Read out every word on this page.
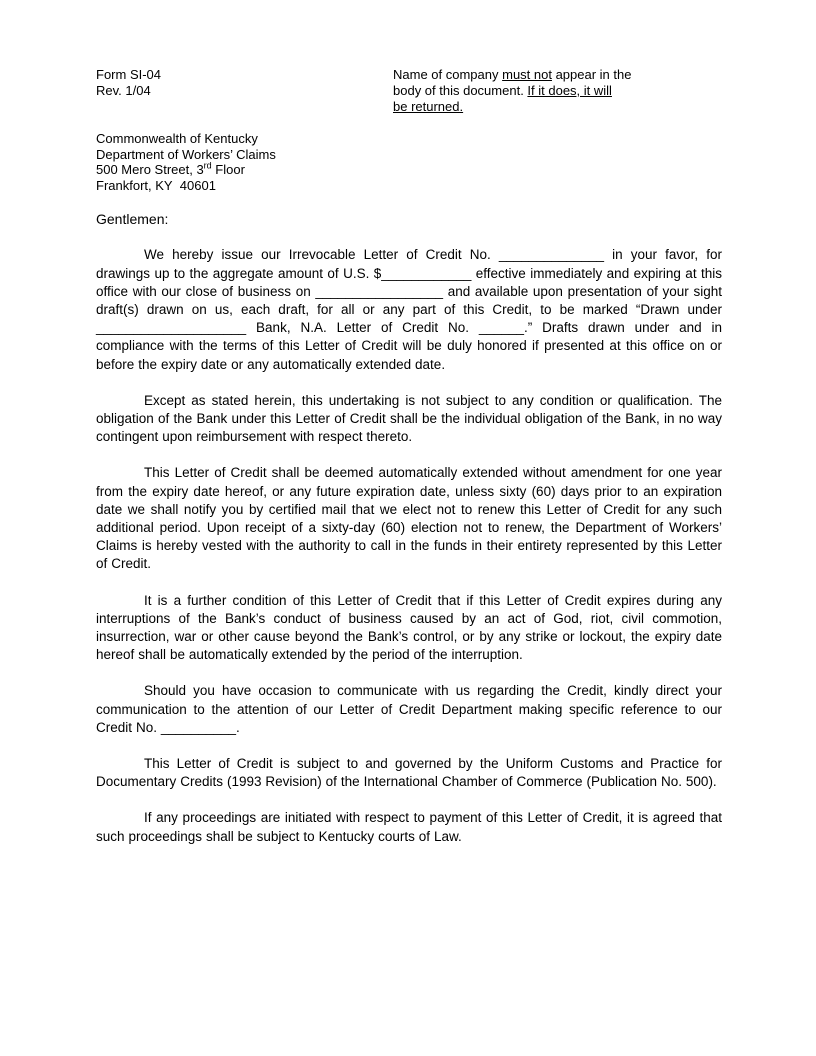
Form SI-04
Rev. 1/04
Name of company must not appear in the
body of this document. If it does, it will
be returned.
Commonwealth of Kentucky
Department of Workers’ Claims
500 Mero Street, 3rd Floor
Frankfort, KY  40601
Gentlemen:

We hereby issue our Irrevocable Letter of Credit No. ______________ in your favor, for drawings up to the aggregate amount of U.S. $____________ effective immediately and expiring at this office with our close of business on _________________ and available upon presentation of your sight draft(s) drawn on us, each draft, for all or any part of this Credit, to be marked “Drawn under ____________________ Bank, N.A. Letter of Credit No. ______.” Drafts drawn under and in compliance with the terms of this Letter of Credit will be duly honored if presented at this office on or before the expiry date or any automatically extended date.

Except as stated herein, this undertaking is not subject to any condition or qualification. The obligation of the Bank under this Letter of Credit shall be the individual obligation of the Bank, in no way contingent upon reimbursement with respect thereto.

This Letter of Credit shall be deemed automatically extended without amendment for one year from the expiry date hereof, or any future expiration date, unless sixty (60) days prior to an expiration date we shall notify you by certified mail that we elect not to renew this Letter of Credit for any such additional period. Upon receipt of a sixty-day (60) election not to renew, the Department of Workers’ Claims is hereby vested with the authority to call in the funds in their entirety represented by this Letter of Credit.

It is a further condition of this Letter of Credit that if this Letter of Credit expires during any interruptions of the Bank’s conduct of business caused by an act of God, riot, civil commotion, insurrection, war or other cause beyond the Bank’s control, or by any strike or lockout, the expiry date hereof shall be automatically extended by the period of the interruption.

Should you have occasion to communicate with us regarding the Credit, kindly direct your communication to the attention of our Letter of Credit Department making specific reference to our Credit No. __________.

This Letter of Credit is subject to and governed by the Uniform Customs and Practice for Documentary Credits (1993 Revision) of the International Chamber of Commerce (Publication No. 500).

If any proceedings are initiated with respect to payment of this Letter of Credit, it is agreed that such proceedings shall be subject to Kentucky courts of Law.
